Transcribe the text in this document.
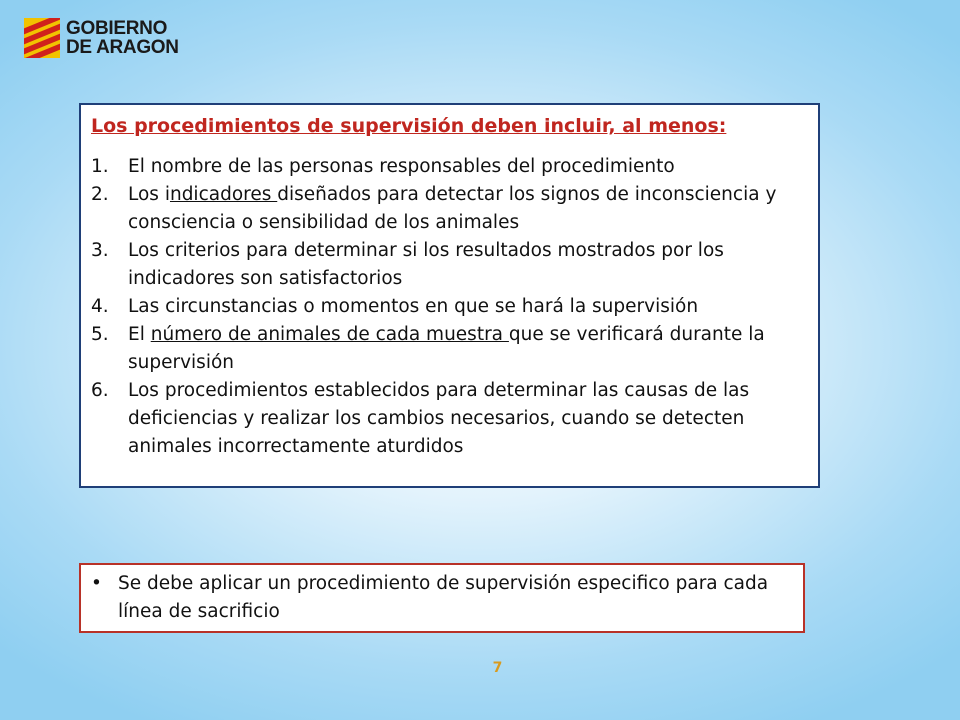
GOBIERNO
DE ARAGON
Los procedimientos de supervisión deben incluir, al menos:
1. El nombre de las personas responsables del procedimiento
2. Los indicadores diseñados para detectar los signos de inconsciencia y consciencia o sensibilidad de los animales
3. Los criterios para determinar si los resultados mostrados por los indicadores son satisfactorios
4. Las circunstancias o momentos en que se hará la supervisión
5. El número de animales de cada muestra que se verificará durante la supervisión
6. Los procedimientos establecidos para determinar las causas de las deficiencias y realizar los cambios necesarios, cuando se detecten animales incorrectamente aturdidos
• Se debe aplicar un procedimiento de supervisión especifico para cada línea de sacrificio
7
